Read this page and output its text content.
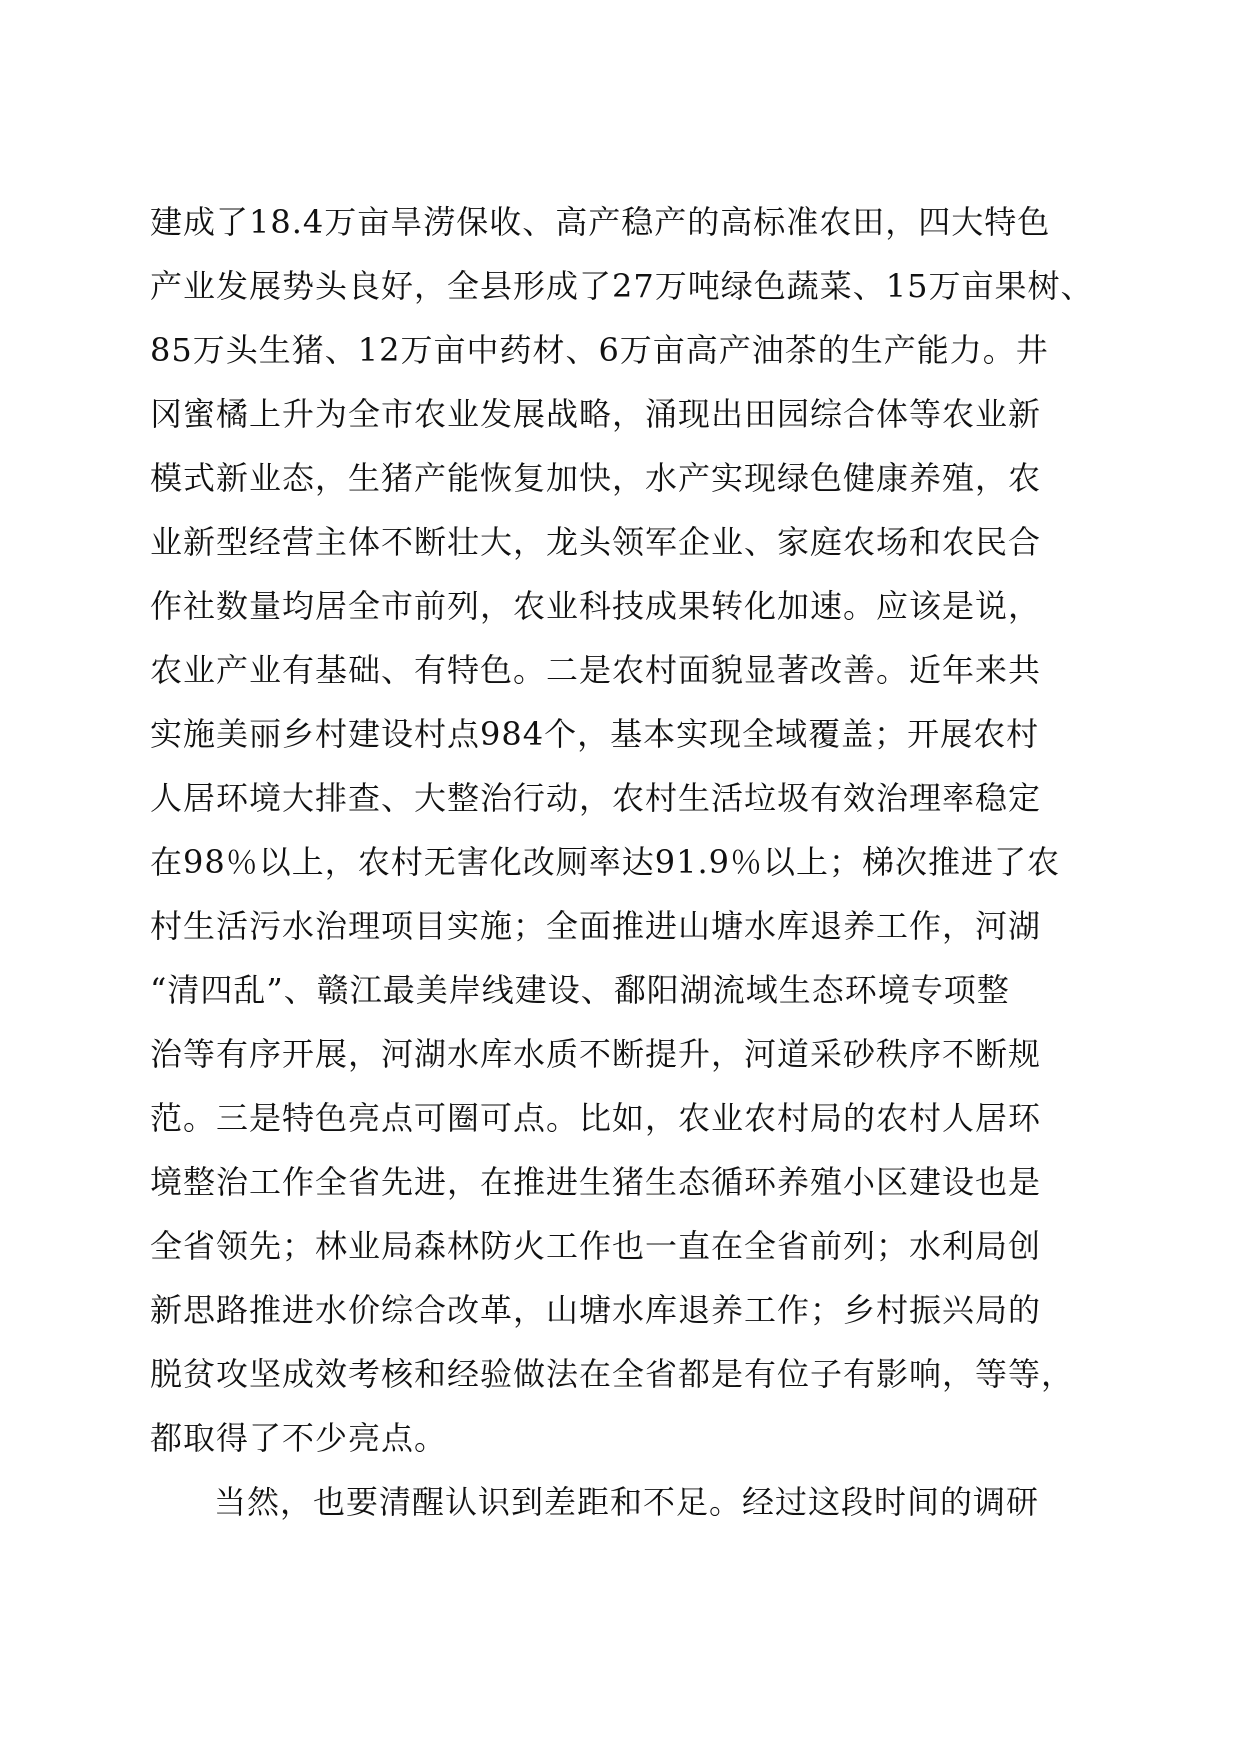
建成了18.4万亩旱涝保收、高产稳产的高标准农田，四大特色
产业发展势头良好，全县形成了27万吨绿色蔬菜、15万亩果树、
85万头生猪、12万亩中药材、6万亩高产油茶的生产能力。井
冈蜜橘上升为全市农业发展战略，涌现出田园综合体等农业新
模式新业态，生猪产能恢复加快，水产实现绿色健康养殖，农
业新型经营主体不断壮大，龙头领军企业、家庭农场和农民合
作社数量均居全市前列，农业科技成果转化加速。应该是说，
农业产业有基础、有特色。二是农村面貌显著改善。近年来共
实施美丽乡村建设村点984个，基本实现全域覆盖；开展农村
人居环境大排查、大整治行动，农村生活垃圾有效治理率稳定
在98％以上，农村无害化改厕率达91.9％以上；梯次推进了农
村生活污水治理项目实施；全面推进山塘水库退养工作，河湖
“清四乱”、赣江最美岸线建设、鄱阳湖流域生态环境专项整
治等有序开展，河湖水库水质不断提升，河道采砂秩序不断规
范。三是特色亮点可圈可点。比如，农业农村局的农村人居环
境整治工作全省先进，在推进生猪生态循环养殖小区建设也是
全省领先；林业局森林防火工作也一直在全省前列；水利局创
新思路推进水价综合改革，山塘水库退养工作；乡村振兴局的
脱贫攻坚成效考核和经验做法在全省都是有位子有影响，等等，
都取得了不少亮点。
当然，也要清醒认识到差距和不足。经过这段时间的调研
